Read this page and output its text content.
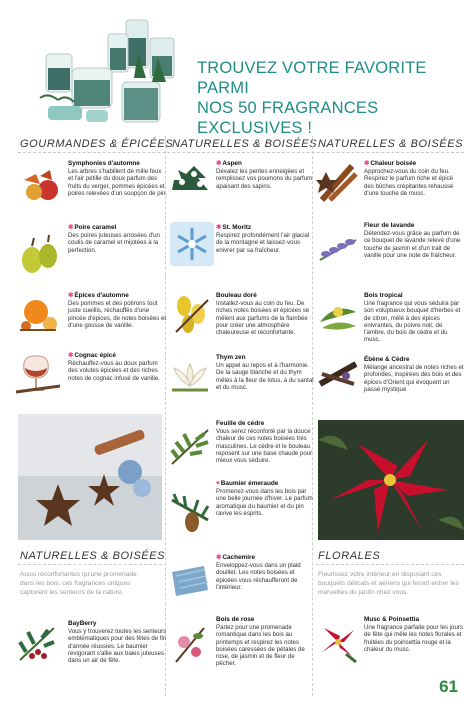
TROUVEZ VOTRE FAVORITE PARMI
NOS 50 FRAGRANCES EXCLUSIVES !
GOURMANDES & ÉPICÉES
NATURELLES & BOISÉES NATURELLES & BOISÉES
Symphonies d'automne
Les arbres s'habillent de mille feux et l'air pétille du doux parfum des fruits du verger, pommes épicées et poires relevées d'un soupçon de pin.
✱Poire caramel
Des poires juteuses arrosées d'un coulis de caramel et mijotées à la perfection.
✱Épices d'automne
Des pommes et des potirons tout juste cueillis, réchauffés d'une pincée d'épices, de notes boisées et d'une gousse de vanille.
✱Cognac épicé
Réchauffez-vous au doux parfum des volutes épicées et des riches notes de cognac infusé de vanille.
NATURELLES & BOISÉES
Aussi réconfortantes qu'une promenade dans les bois, ces fragrances uniques capturent les senteurs de la nature.
BayBerry
Vous y trouverez toutes les senteurs emblématiques pour des fêtes de fin d'année réussies. Le baumier revigorant s'allie aux baies juteuses dans un air de fête.
✱Aspen
Dévalez les pentes enneigées et remplissez vos poumons du parfum apaisant des sapins.
✱St. Moritz
Respirez profondément l'air glacial de la montagne et laissez-vous enivrer par sa fraîcheur.
Bouleau doré
Installez-vous au coin du feu. De riches notes boisées et épicées se mêlent aux parfums de la flambée pour créer une atmosphère chaleureuse et réconfortante.
Thym zen
Un appel au repos et à l'harmonie. De la sauge blanche et du thym mêlés à la fleur de lotus, à du santal et du musc.
Feuille de cèdre
Vous serez réconforté par la douce chaleur de ces notes boisées très masculines. Le cèdre et le bouleau reposent sur une base chaude pour mieux vous séduire.
♥Baumier émeraude
Promenez-vous dans les bois par une belle journée d'hiver. Le parfum aromatique du baumier et du pin ravive les esprits.
✱Cachemire
Enveloppez-vous dans un plaid douillet. Les notes boisées et épicées vous réchaufferont de l'intérieur.
Bois de rose
Partez pour une promenade romantique dans les bois au printemps et respirez les notes boisées caressées de pétales de rose, de jasmin et de fleur de pêcher.
✱Chaleur boisée
Approchez-vous du coin du feu. Respirez le parfum riche et épicé des bûches crépitantes rehaussé d'une touche de musc.
Fleur de lavande
Détendez-vous grâce au parfum de ce bouquet de lavande relevé d'une touche de jasmin et d'un trait de vanille pour une note de fraîcheur.
Bois tropical
Une fragrance qui vous séduira par son voluptueux bouquet d'herbes et de citron, mêlé à des épices enivrantes, du poivre noir, de l'ambre, du bois de cèdre et du musc.
Ébène & Cèdre
Mélange ancestral de notes riches et profondes, inspirées des bois et des épices d'Orient qui évoquent un passé mystique
FLORALES
Fleurissez votre intérieur en disposant ces bouquets délicats et aériens qui feront entrer les merveilles du jardin chez vous.
Musc & Poinsettia
Une fragrance parfaite pour les jours de fête qui mêle les notes florales et fruitées du poinsettia rouge et la chaleur du musc.
61
